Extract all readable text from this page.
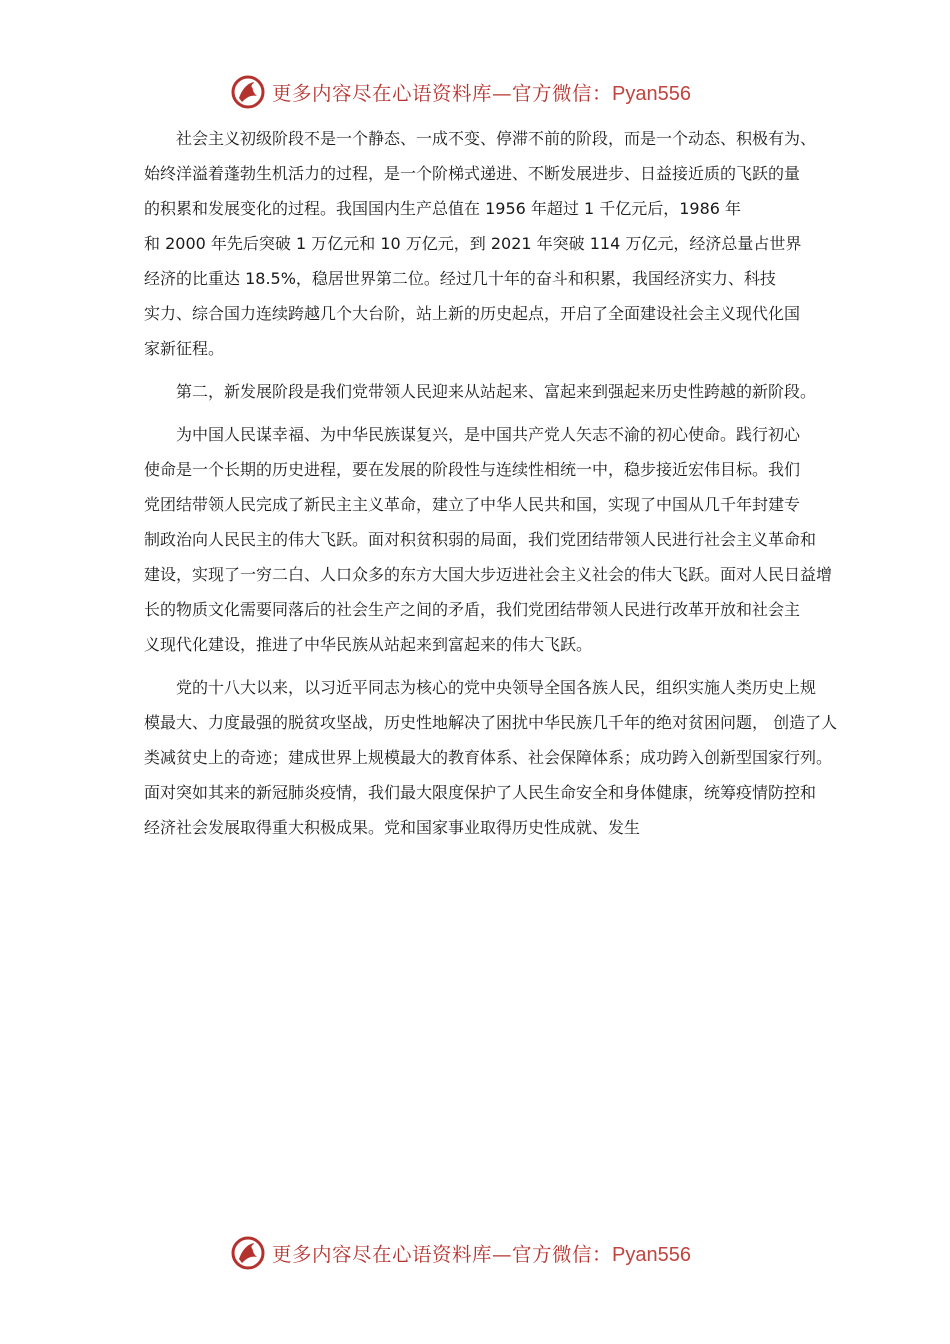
更多内容尽在心语资料库—官方微信：Pyan556

社会主义初级阶段不是一个静态、一成不变、停滞不前的阶段，而是一个动态、积极有为、
始终洋溢着蓬勃生机活力的过程，是一个阶梯式递进、不断发展进步、日益接近质的飞跃的量
的积累和发展变化的过程。我国国内生产总值在 1956 年超过 1 千亿元后，1986 年
和 2000 年先后突破 1 万亿元和 10 万亿元，到 2021 年突破 114 万亿元，经济总量占世界
经济的比重达 18.5%，稳居世界第二位。经过几十年的奋斗和积累，我国经济实力、科技
实力、综合国力连续跨越几个大台阶，站上新的历史起点，开启了全面建设社会主义现代化国
家新征程。

第二，新发展阶段是我们党带领人民迎来从站起来、富起来到强起来历史性跨越的新阶段。

为中国人民谋幸福、为中华民族谋复兴，是中国共产党人矢志不渝的初心使命。践行初心
使命是一个长期的历史进程，要在发展的阶段性与连续性相统一中，稳步接近宏伟目标。我们
党团结带领人民完成了新民主主义革命，建立了中华人民共和国，实现了中国从几千年封建专
制政治向人民民主的伟大飞跃。面对积贫积弱的局面，我们党团结带领人民进行社会主义革命和
建设，实现了一穷二白、人口众多的东方大国大步迈进社会主义社会的伟大飞跃。面对人民日益增
长的物质文化需要同落后的社会生产之间的矛盾，我们党团结带领人民进行改革开放和社会主
义现代化建设，推进了中华民族从站起来到富起来的伟大飞跃。

党的十八大以来，以习近平同志为核心的党中央领导全国各族人民，组织实施人类历史上规
模最大、力度最强的脱贫攻坚战，历史性地解决了困扰中华民族几千年的绝对贫困问题， 创造了人
类减贫史上的奇迹；建成世界上规模最大的教育体系、社会保障体系；成功跨入创新型国家行列。
面对突如其来的新冠肺炎疫情，我们最大限度保护了人民生命安全和身体健康，统筹疫情防控和
经济社会发展取得重大积极成果。党和国家事业取得历史性成就、发生

更多内容尽在心语资料库—官方微信：Pyan556
